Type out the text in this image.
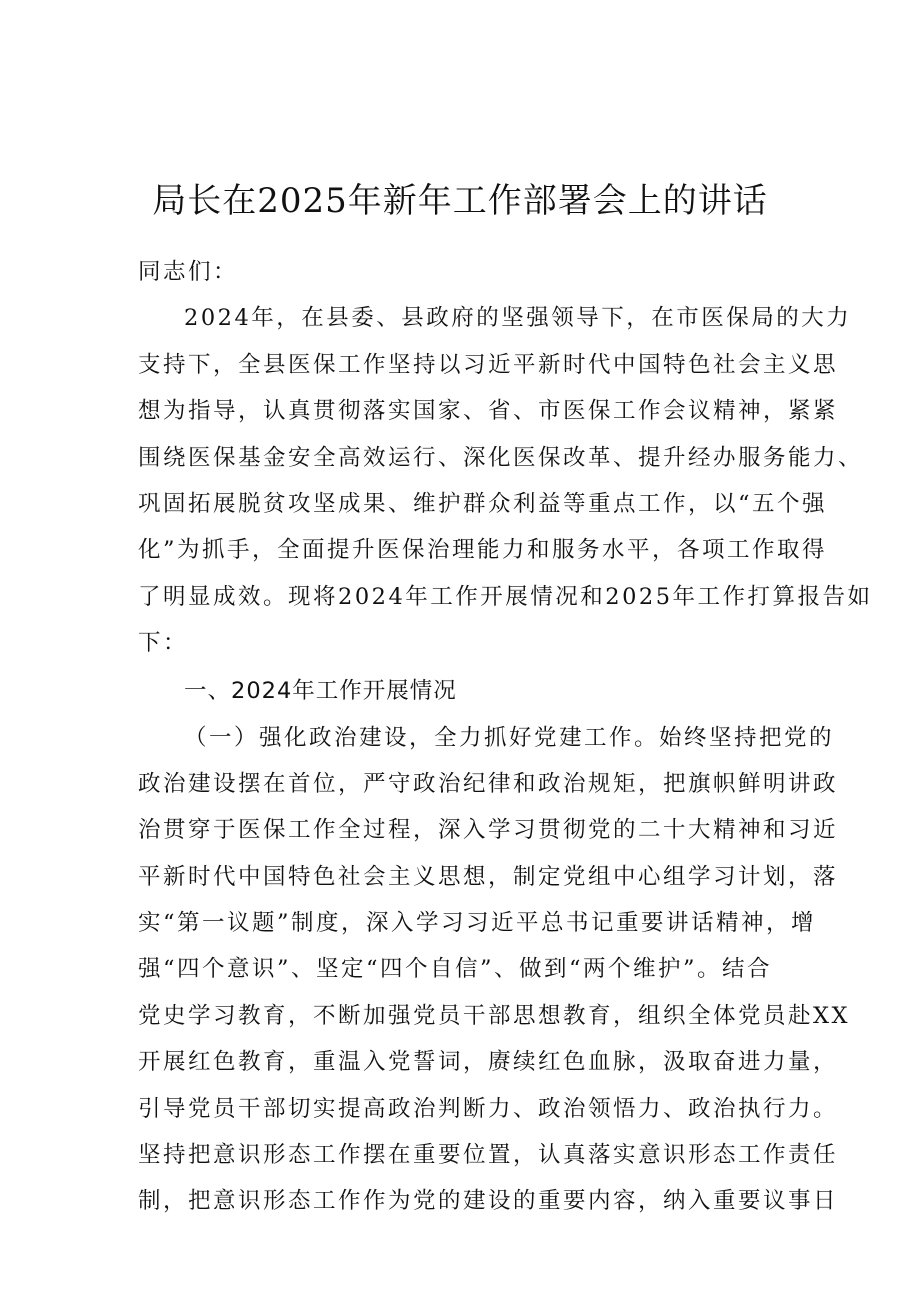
局长在2025年新年工作部署会上的讲话
同志们：
2024年，在县委、县政府的坚强领导下，在市医保局的大力
支持下，全县医保工作坚持以习近平新时代中国特色社会主义思
想为指导，认真贯彻落实国家、省、市医保工作会议精神，紧紧
围绕医保基金安全高效运行、深化医保改革、提升经办服务能力、
巩固拓展脱贫攻坚成果、维护群众利益等重点工作，以“五个强
化”为抓手，全面提升医保治理能力和服务水平，各项工作取得
了明显成效。现将2024年工作开展情况和2025年工作打算报告如
下：
一、2024年工作开展情况
（一）强化政治建设，全力抓好党建工作。始终坚持把党的
政治建设摆在首位，严守政治纪律和政治规矩，把旗帜鲜明讲政
治贯穿于医保工作全过程，深入学习贯彻党的二十大精神和习近
平新时代中国特色社会主义思想，制定党组中心组学习计划，落
实“第一议题”制度，深入学习习近平总书记重要讲话精神，增
强“四个意识”、坚定“四个自信”、做到“两个维护”。结合
党史学习教育，不断加强党员干部思想教育，组织全体党员赴XX
开展红色教育，重温入党誓词，赓续红色血脉，汲取奋进力量，
引导党员干部切实提高政治判断力、政治领悟力、政治执行力。
坚持把意识形态工作摆在重要位置，认真落实意识形态工作责任
制，把意识形态工作作为党的建设的重要内容，纳入重要议事日
